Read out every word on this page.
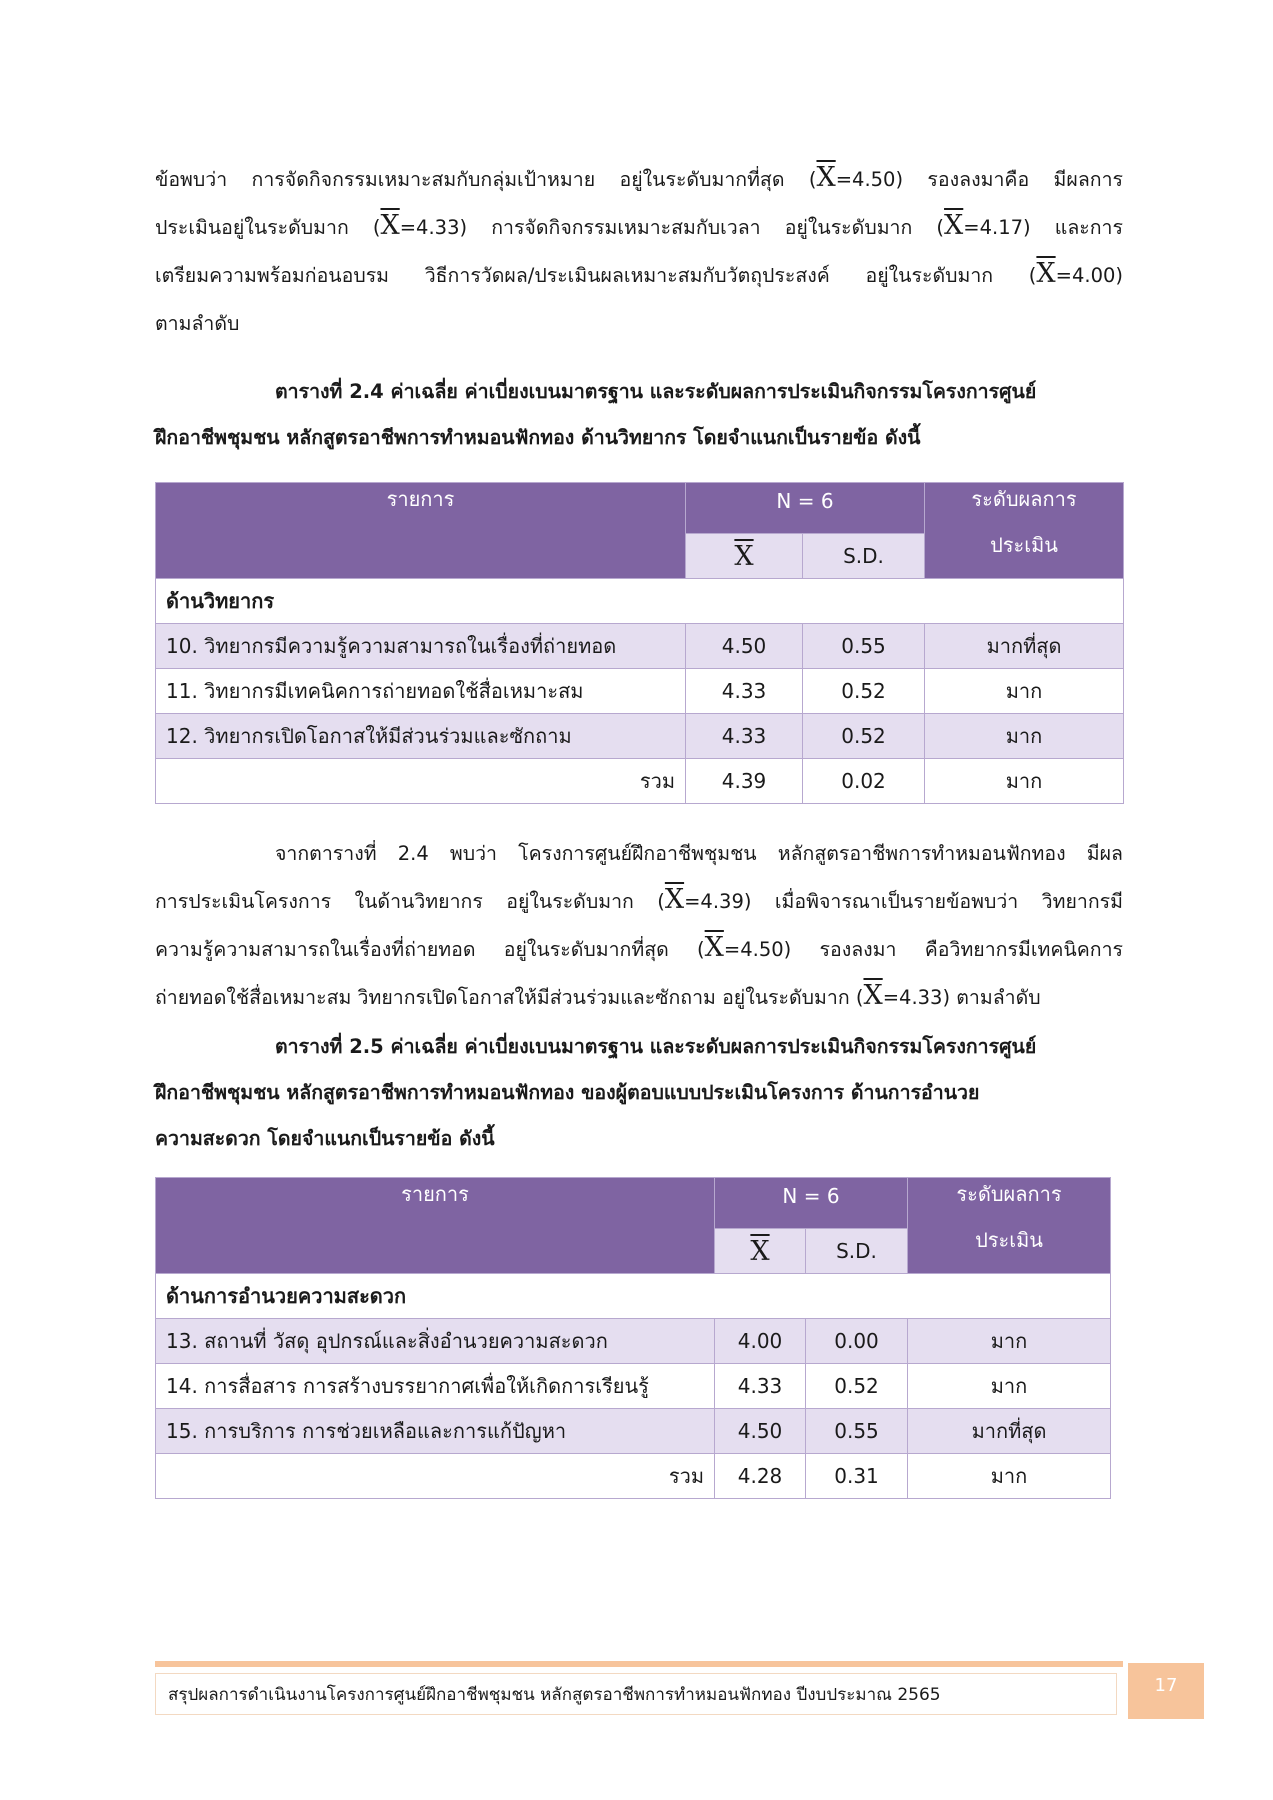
ข้อพบว่า การจัดกิจกรรมเหมาะสมกับกลุ่มเป้าหมาย อยู่ในระดับมากที่สุด $(\overline{X}=4.50)$ รองลงมาคือ มีผลการ
ประเมินอยู่ในระดับมาก $(\overline{X}=4.33)$ การจัดกิจกรรมเหมาะสมกับเวลา อยู่ในระดับมาก $(\overline{X}=4.17)$ และการ
เตรียมความพร้อมก่อนอบรม วิธีการวัดผล/ประเมินผลเหมาะสมกับวัตถุประสงค์ อยู่ในระดับมาก $(\overline{X}=4.00)$
ตามลำดับ
ตารางที่ 2.4 ค่าเฉลี่ย ค่าเบี่ยงเบนมาตรฐาน และระดับผลการประเมินกิจกรรมโครงการศูนย์
ฝึกอาชีพชุมชน หลักสูตรอาชีพการทำหมอนฟักทอง ด้านวิทยากร โดยจำแนกเป็นรายข้อ ดังนี้
รายการ	N = 6		ระดับผลการ
ประเมิน

	$\overline{X}$	S.D.	
ด้านวิทยากร			
10. วิทยากรมีความรู้ความสามารถในเรื่องที่ถ่ายทอด	4.50	0.55	มากที่สุด
11. วิทยากรมีเทคนิคการถ่ายทอดใช้สื่อเหมาะสม	4.33	0.52	มาก
12. วิทยากรเปิดโอกาสให้มีส่วนร่วมและซักถาม	4.33	0.52	มาก
รวม	4.39	0.02	มาก
จากตารางที่ 2.4 พบว่า โครงการศูนย์ฝึกอาชีพชุมชน หลักสูตรอาชีพการทำหมอนฟักทอง มีผล
การประเมินโครงการ ในด้านวิทยากร อยู่ในระดับมาก $(\overline{X}=4.39)$ เมื่อพิจารณาเป็นรายข้อพบว่า วิทยากรมี
ความรู้ความสามารถในเรื่องที่ถ่ายทอด อยู่ในระดับมากที่สุด $(\overline{X}=4.50)$ รองลงมา คือวิทยากรมีเทคนิคการ
ถ่ายทอดใช้สื่อเหมาะสม วิทยากรเปิดโอกาสให้มีส่วนร่วมและซักถาม อยู่ในระดับมาก $(\overline{X}=4.33)$ ตามลำดับ
ตารางที่ 2.5 ค่าเฉลี่ย ค่าเบี่ยงเบนมาตรฐาน และระดับผลการประเมินกิจกรรมโครงการศูนย์
ฝึกอาชีพชุมชน หลักสูตรอาชีพการทำหมอนฟักทอง ของผู้ตอบแบบประเมินโครงการ ด้านการอำนวย
ความสะดวก โดยจำแนกเป็นรายข้อ ดังนี้
รายการ	N = 6		ระดับผลการ
ประเมิน

	$\overline{X}$	S.D.	
ด้านการอำนวยความสะดวก			
13. สถานที่ วัสดุ อุปกรณ์และสิ่งอำนวยความสะดวก	4.00	0.00	มาก
14. การสื่อสาร การสร้างบรรยากาศเพื่อให้เกิดการเรียนรู้	4.33	0.52	มาก
15. การบริการ การช่วยเหลือและการแก้ปัญหา	4.50	0.55	มากที่สุด
รวม	4.28	0.31	มาก
สรุปผลการดำเนินงานโครงการศูนย์ฝึกอาชีพชุมชน หลักสูตรอาชีพการทำหมอนฟักทอง ปีงบประมาณ 2565	17
